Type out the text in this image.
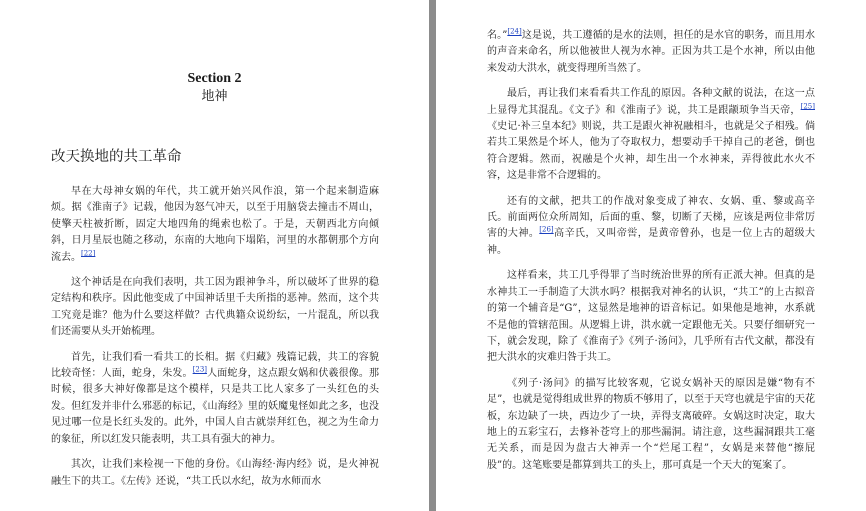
Section 2
地神
改天换地的共工革命

早在大母神女娲的年代，共工就开始兴风作浪，第一个起来制造麻烦。据《淮南子》记载，他因为怒气冲天，以至于用脑袋去撞击不周山，使擎天柱被折断，固定大地四角的绳索也松了。于是，天朝西北方向倾斜，日月星辰也随之移动，东南的大地向下塌陷，河里的水都朝那个方向流去。[22]

这个神话是在向我们表明，共工因为跟神争斗，所以破坏了世界的稳定结构和秩序。因此他变成了中国神话里千夫所指的恶神。然而，这个共工究竟是谁？他为什么要这样做？古代典籍众说纷纭，一片混乱，所以我们还需要从头开始梳理。

首先，让我们看一看共工的长相。据《归藏》残篇记载，共工的容貌比较奇怪：人面，蛇身，朱发。[23]人面蛇身，这点跟女娲和伏羲很像。那时候，很多大神好像都是这个模样，只是共工比人家多了一头红色的头发。但红发并非什么邪恶的标记，《山海经》里的妖魔鬼怪如此之多，也没见过哪一位是长红头发的。此外，中国人自古就崇拜红色，视之为生命力的象征，所以红发只能表明，共工具有强大的神力。

其次，让我们来检视一下他的身份。《山海经·海内经》说，是火神祝融生下的共工。《左传》还说，“共工氏以水纪，故为水师而水

名。”[24]这是说，共工遵循的是水的法则，担任的是水官的职务，而且用水的声音来命名，所以他被世人视为水神。正因为共工是个水神，所以由他来发动大洪水，就变得理所当然了。

最后，再让我们来看看共工作乱的原因。各种文献的说法，在这一点上显得尤其混乱。《文子》和《淮南子》说，共工是跟颛顼争当天帝，[25]《史记·补三皇本纪》则说，共工是跟火神祝融相斗，也就是父子相残。倘若共工果然是个坏人，他为了夺取权力，想要动手干掉自己的老爸，倒也符合逻辑。然而，祝融是个火神，却生出一个水神来，弄得彼此水火不容，这是非常不合逻辑的。

还有的文献，把共工的作战对象变成了神农、女娲、重、黎或高辛氏。前面两位众所周知，后面的重、黎，切断了天梯，应该是两位非常厉害的大神。[26]高辛氏，又叫帝喾，是黄帝曾孙，也是一位上古的超级大神。

这样看来，共工几乎得罪了当时统治世界的所有正派大神。但真的是水神共工一手制造了大洪水吗？根据我对神名的认识，“共工”的上古拟音的第一个辅音是“G”，这显然是地神的语音标记。如果他是地神，水系就不是他的管辖范围。从逻辑上讲，洪水就一定跟他无关。只要仔细研究一下，就会发现，除了《淮南子》《列子·汤问》，几乎所有古代文献，都没有把大洪水的灾难归咎于共工。

《列子·汤问》的描写比较客观，它说女娲补天的原因是嫌“物有不足”，也就是觉得组成世界的物质不够用了，以至于天穹也就是宇宙的天花板，东边缺了一块，西边少了一块，弄得支离破碎。女娲这时决定，取大地上的五彩宝石，去修补苍穹上的那些漏洞。请注意，这些漏洞跟共工毫无关系，而是因为盘古大神弄一个“烂尾工程”，女娲是来替他“擦屁股”的。这笔账要是都算到共工的头上，那可真是一个天大的冤案了。
